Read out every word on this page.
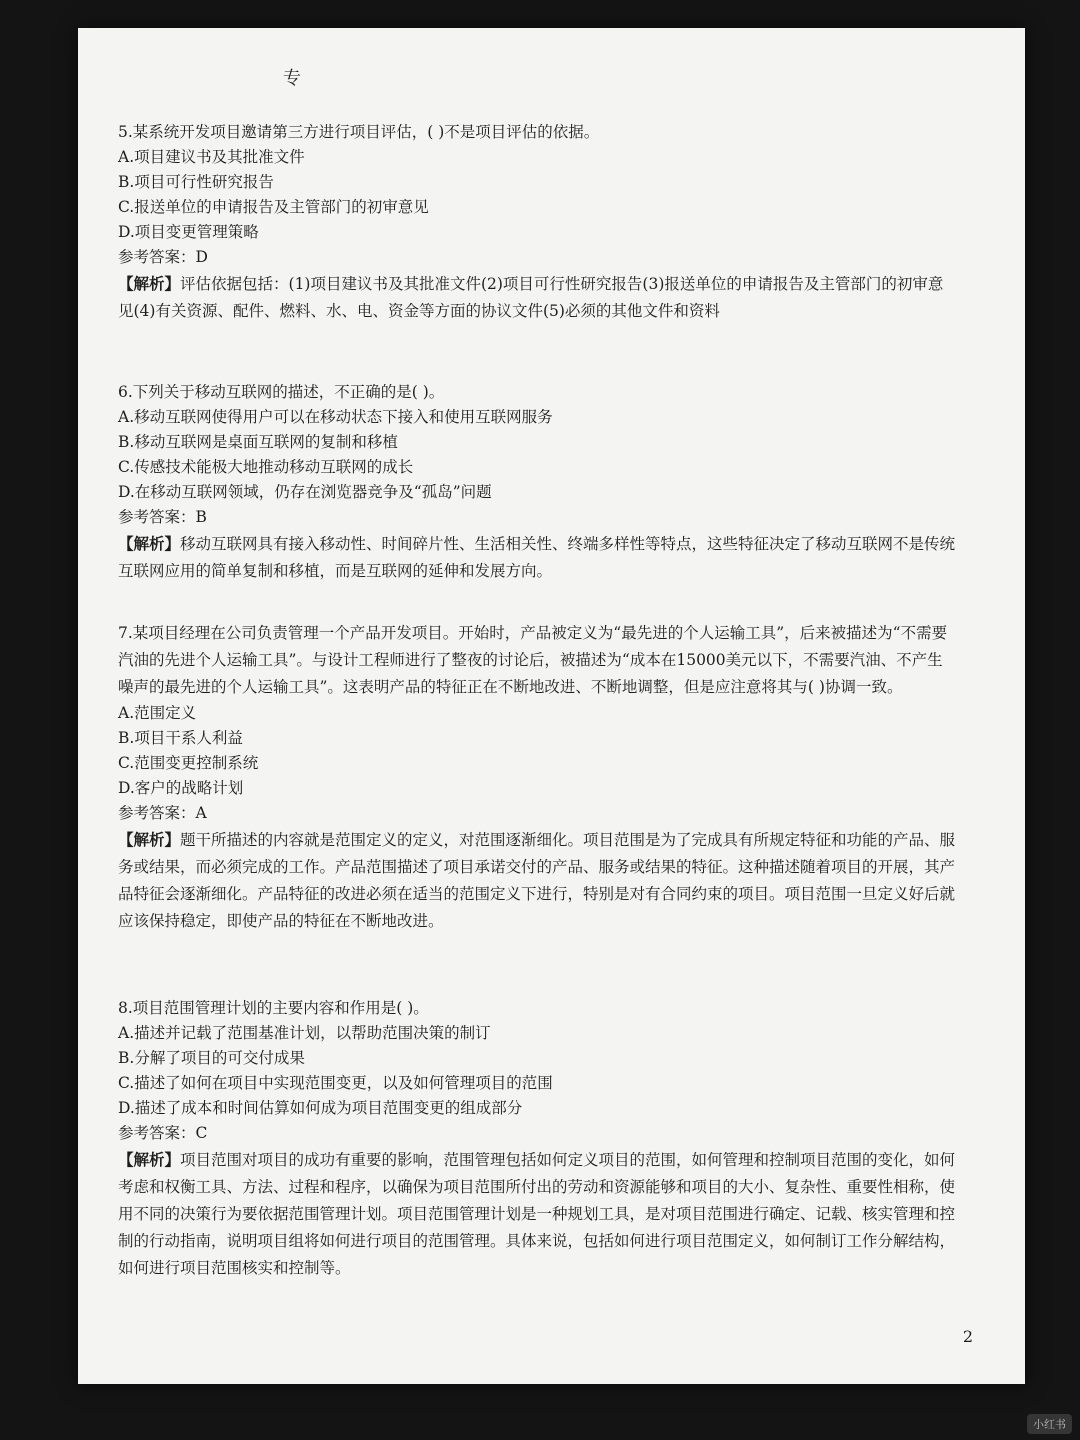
专
5.某系统开发项目邀请第三方进行项目评估，( )不是项目评估的依据。
A.项目建议书及其批准文件
B.项目可行性研究报告
C.报送单位的申请报告及主管部门的初审意见
D.项目变更管理策略
参考答案：D
【解析】评估依据包括：(1)项目建议书及其批准文件(2)项目可行性研究报告(3)报送单位的申请报告及主管部门的初审意见(4)有关资源、配件、燃料、水、电、资金等方面的协议文件(5)必须的其他文件和资料
6.下列关于移动互联网的描述，不正确的是( )。
A.移动互联网使得用户可以在移动状态下接入和使用互联网服务
B.移动互联网是桌面互联网的复制和移植
C.传感技术能极大地推动移动互联网的成长
D.在移动互联网领域，仍存在浏览器竞争及“孤岛”问题
参考答案：B
【解析】移动互联网具有接入移动性、时间碎片性、生活相关性、终端多样性等特点，这些特征决定了移动互联网不是传统互联网应用的简单复制和移植，而是互联网的延伸和发展方向。
7.某项目经理在公司负责管理一个产品开发项目。开始时，产品被定义为“最先进的个人运输工具”，后来被描述为“不需要汽油的先进个人运输工具”。与设计工程师进行了整夜的讨论后，被描述为“成本在15000美元以下，不需要汽油、不产生噪声的最先进的个人运输工具”。这表明产品的特征正在不断地改进、不断地调整，但是应注意将其与( )协调一致。
A.范围定义
B.项目干系人利益
C.范围变更控制系统
D.客户的战略计划
参考答案：A
【解析】题干所描述的内容就是范围定义的定义，对范围逐渐细化。项目范围是为了完成具有所规定特征和功能的产品、服务或结果，而必须完成的工作。产品范围描述了项目承诺交付的产品、服务或结果的特征。这种描述随着项目的开展，其产品特征会逐渐细化。产品特征的改进必须在适当的范围定义下进行，特别是对有合同约束的项目。项目范围一旦定义好后就应该保持稳定，即使产品的特征在不断地改进。
8.项目范围管理计划的主要内容和作用是( )。
A.描述并记载了范围基准计划，以帮助范围决策的制订
B.分解了项目的可交付成果
C.描述了如何在项目中实现范围变更，以及如何管理项目的范围
D.描述了成本和时间估算如何成为项目范围变更的组成部分
参考答案：C
【解析】项目范围对项目的成功有重要的影响，范围管理包括如何定义项目的范围，如何管理和控制项目范围的变化，如何考虑和权衡工具、方法、过程和程序，以确保为项目范围所付出的劳动和资源能够和项目的大小、复杂性、重要性相称，使用不同的决策行为要依据范围管理计划。项目范围管理计划是一种规划工具，是对项目范围进行确定、记载、核实管理和控制的行动指南，说明项目组将如何进行项目的范围管理。具体来说，包括如何进行项目范围定义，如何制订工作分解结构，如何进行项目范围核实和控制等。
2
小红书
